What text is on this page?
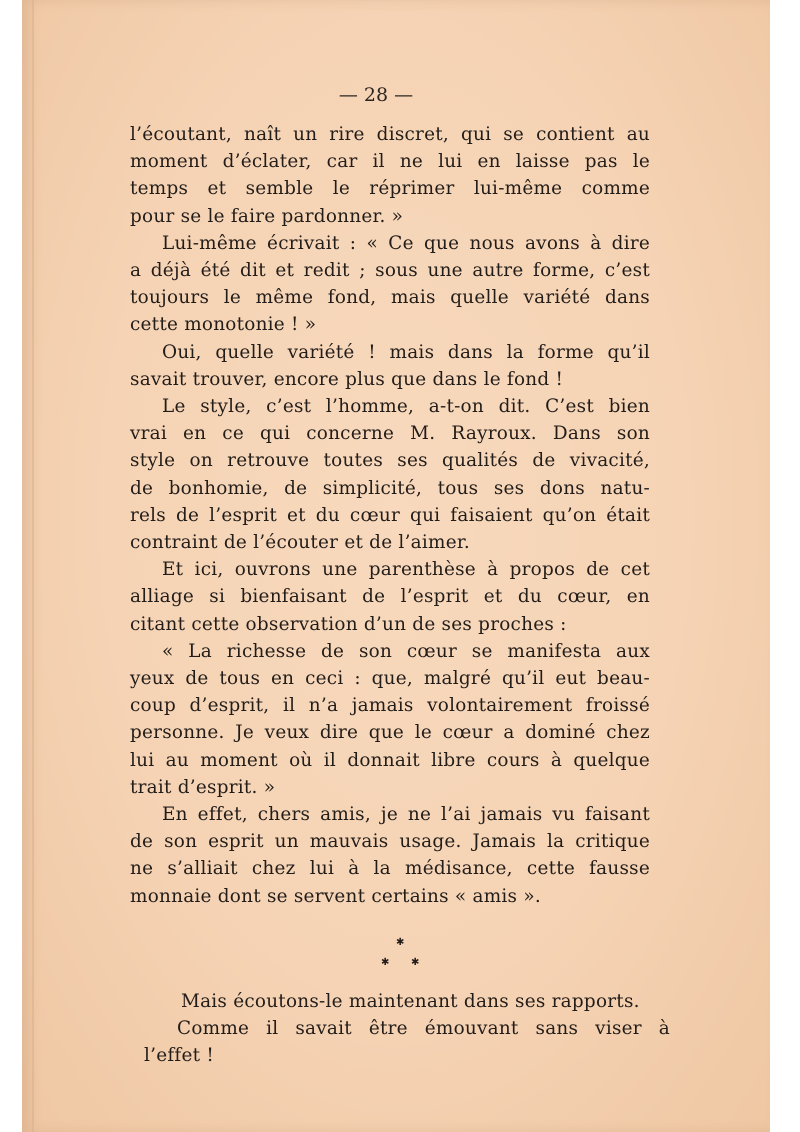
— 28 —
l’écoutant, naît un rire discret, qui se contient au
moment d’éclater, car il ne lui en laisse pas le
temps et semble le réprimer lui-même comme
pour se le faire pardonner. »
Lui-même écrivait : « Ce que nous avons à dire
a déjà été dit et redit ; sous une autre forme, c’est
toujours le même fond, mais quelle variété dans
cette monotonie ! »
Oui, quelle variété ! mais dans la forme qu’il
savait trouver, encore plus que dans le fond !
Le style, c’est l’homme, a-t-on dit. C’est bien
vrai en ce qui concerne M. Rayroux. Dans son
style on retrouve toutes ses qualités de vivacité,
de bonhomie, de simplicité, tous ses dons natu-
rels de l’esprit et du cœur qui faisaient qu’on était
contraint de l’écouter et de l’aimer.
Et ici, ouvrons une parenthèse à propos de cet
alliage si bienfaisant de l’esprit et du cœur, en
citant cette observation d’un de ses proches :
« La richesse de son cœur se manifesta aux
yeux de tous en ceci : que, malgré qu’il eut beau-
coup d’esprit, il n’a jamais volontairement froissé
personne. Je veux dire que le cœur a dominé chez
lui au moment où il donnait libre cours à quelque
trait d’esprit. »
En effet, chers amis, je ne l’ai jamais vu faisant
de son esprit un mauvais usage. Jamais la critique
ne s’alliait chez lui à la médisance, cette fausse
monnaie dont se servent certains « amis ».
✱
✱ ✱
Mais écoutons-le maintenant dans ses rapports.
Comme il savait être émouvant sans viser à
l’effet !
